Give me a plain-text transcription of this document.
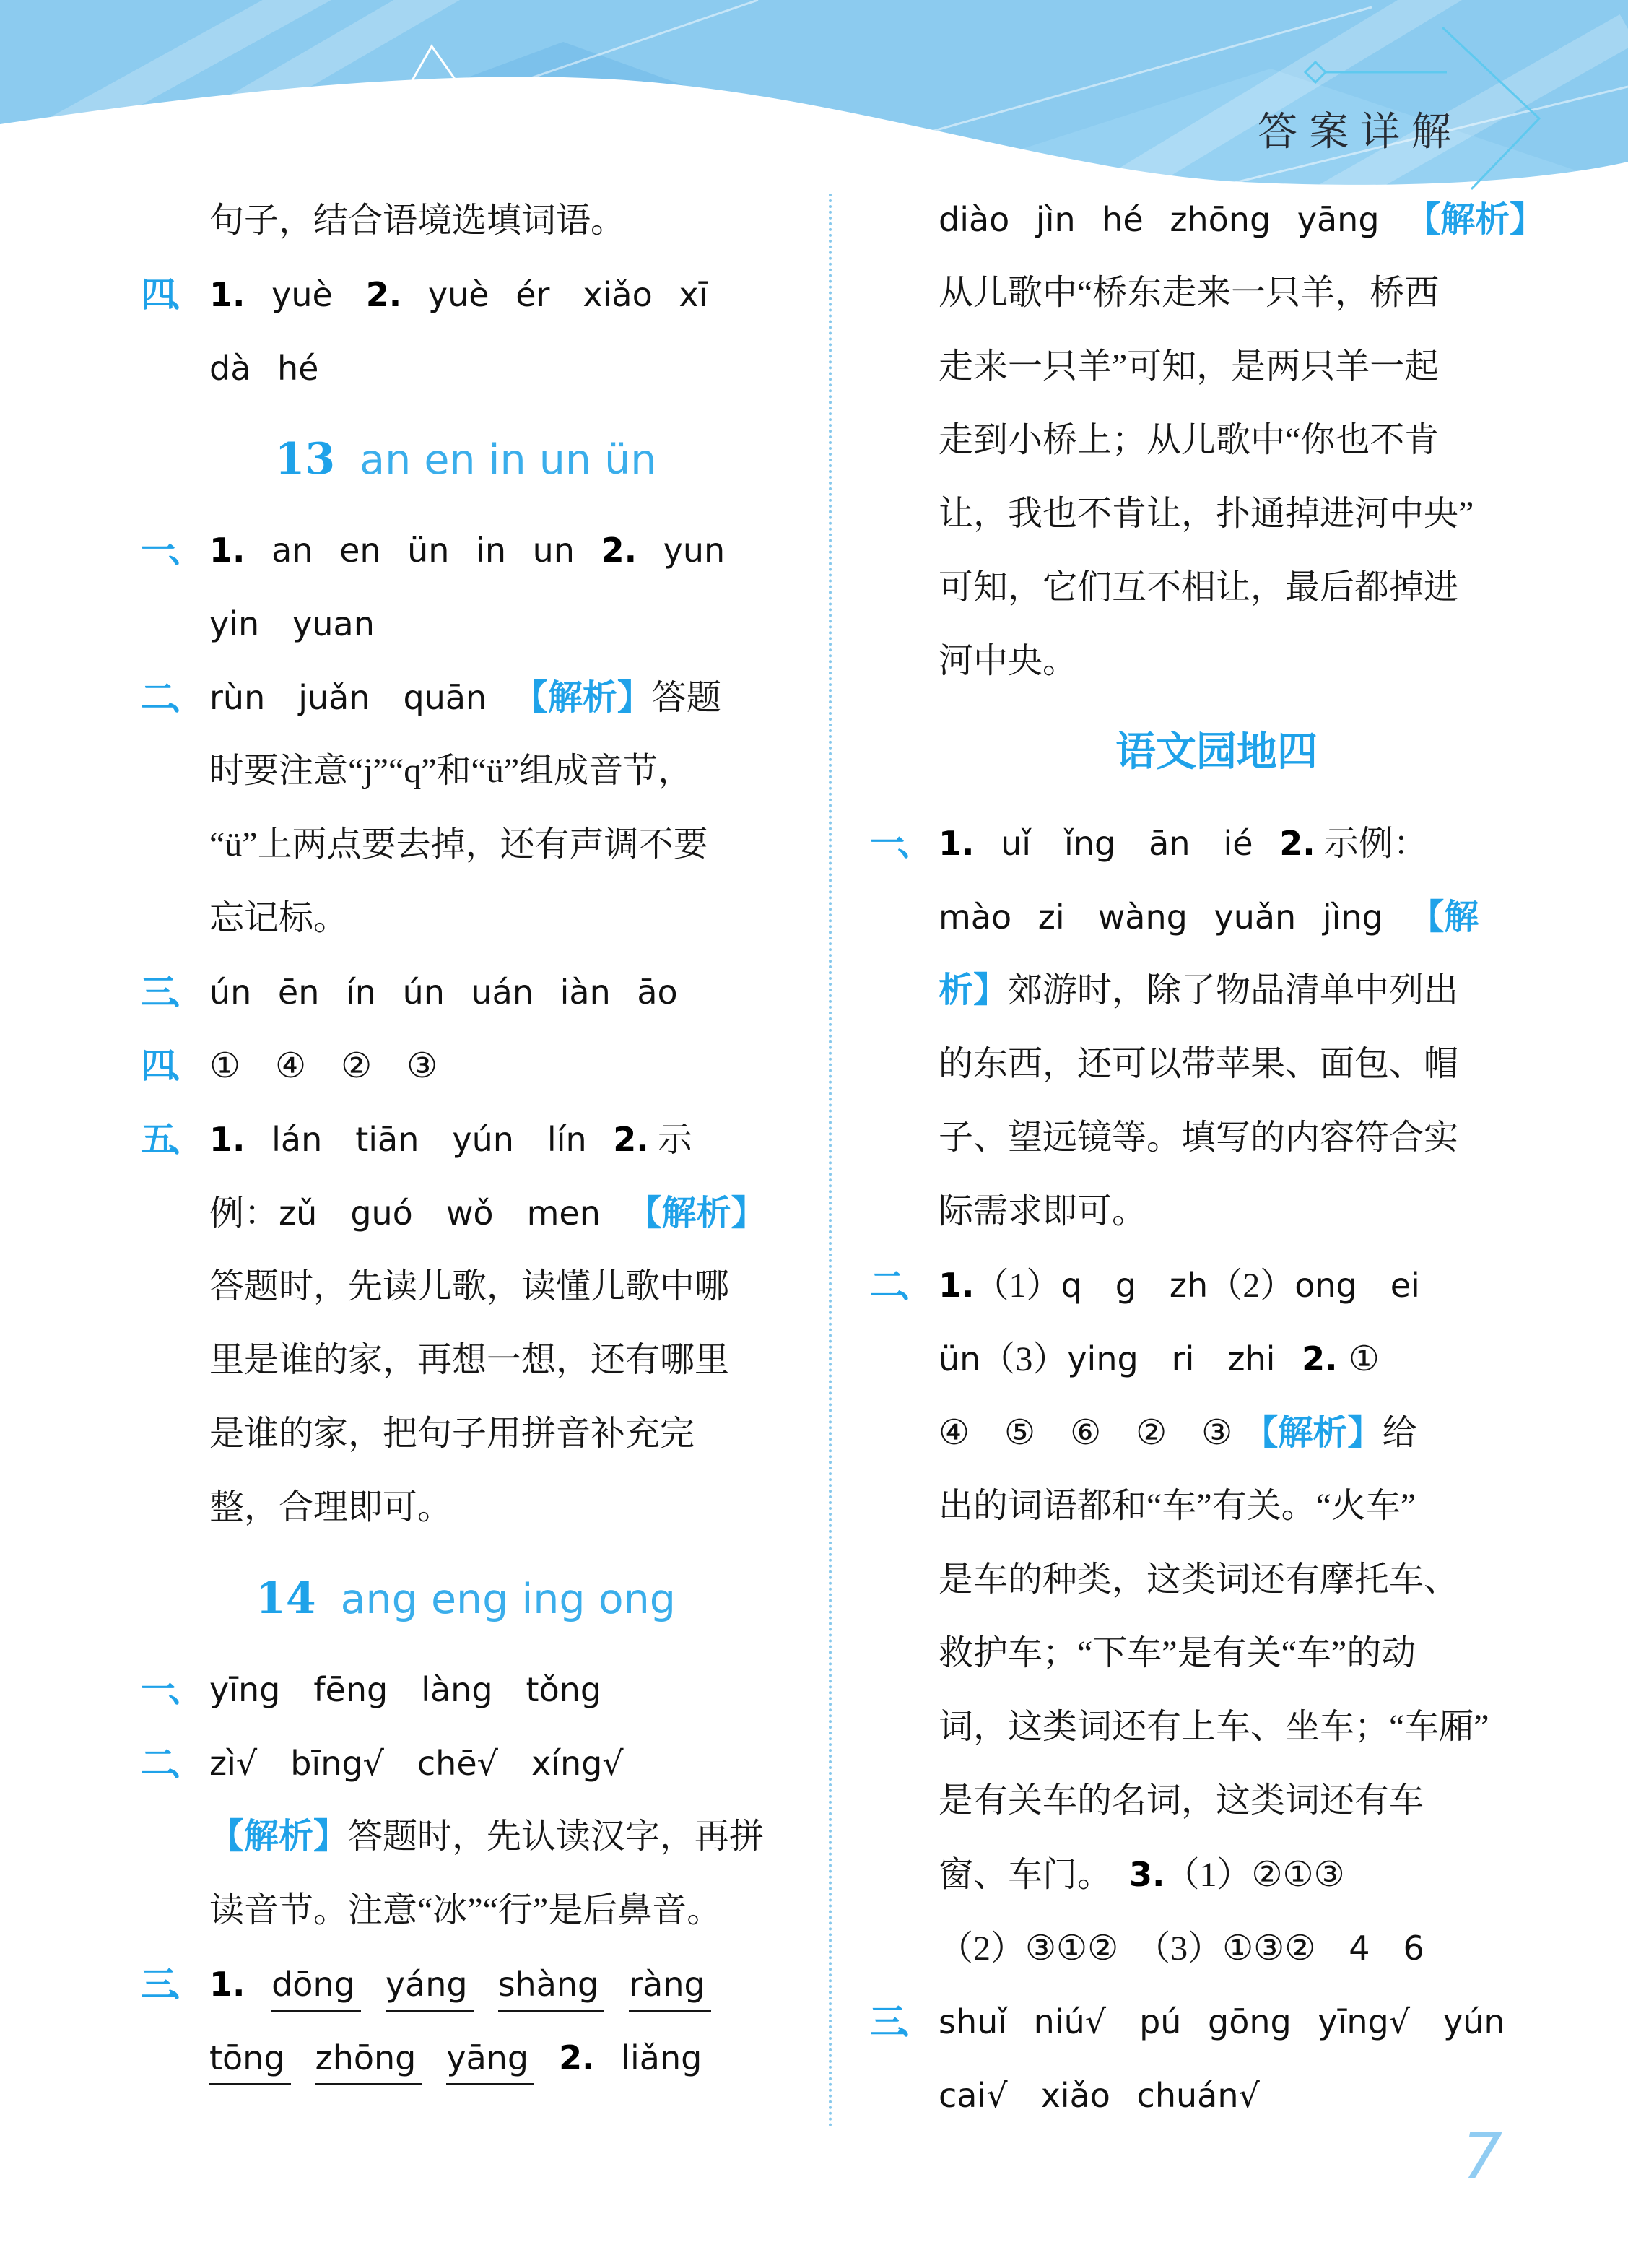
答案详解
句子，结合语境选填词语。
四、 1. yuè　2. yuè ér　xiǎo xī
dà hé
13 an en in un ün
一、 1. an en ün in un 2. yun
yin　yuan
二、 rùn　juǎn　quān 【解析】答题
时要注意“j”“q”和“ü”组成音节，
“ü”上两点要去掉，还有声调不要
忘记标。
三、 ún ēn ín ún uán iàn āo
四、 ①　④　②　③
五、 1. lán　tiān　yún　lín 2. 示
例：zǔ　guó　wǒ　men 【解析】
答题时，先读儿歌，读懂儿歌中哪
里是谁的家，再想一想，还有哪里
是谁的家，把句子用拼音补充完
整，合理即可。
14 ang eng ing ong
一、 yīng　fēng　làng　tǒng
二、 zì√　bīng√　chē√　xíng√
【解析】答题时，先认读汉字，再拼
读音节。注意“冰”“行”是后鼻音。
三、 1. dōng yáng shàng ràng
tōng zhōng yāng 2. liǎng
diào jìn hé zhōng yāng 【解析】
从儿歌中“桥东走来一只羊，桥西
走来一只羊”可知，是两只羊一起
走到小桥上；从儿歌中“你也不肯
让，我也不肯让，扑通掉进河中央”
可知，它们互不相让，最后都掉进
河中央。
语文园地四
一、 1. uǐ　ǐng　ān　ié 2. 示例：
mào zi　wàng yuǎn jìng 【解
析】郊游时，除了物品清单中列出
的东西，还可以带苹果、面包、帽
子、望远镜等。填写的内容符合实
际需求即可。
二、 1.（1）q　g　zh（2）ong　ei
ün（3）ying　ri　zhi 2. ①
④　⑤　⑥　②　③ 【解析】给
出的词语都和“车”有关。“火车”
是车的种类，这类词还有摩托车、
救护车；“下车”是有关“车”的动
词，这类词还有上车、坐车；“车厢”
是有关车的名词，这类词还有车
窗、车门。　3.（1）②①③
（2）③①②　（3）①③②　4　6
三、 shuǐ niú√　pú gōng yīng√　yún
cai√　xiǎo chuán√
7
